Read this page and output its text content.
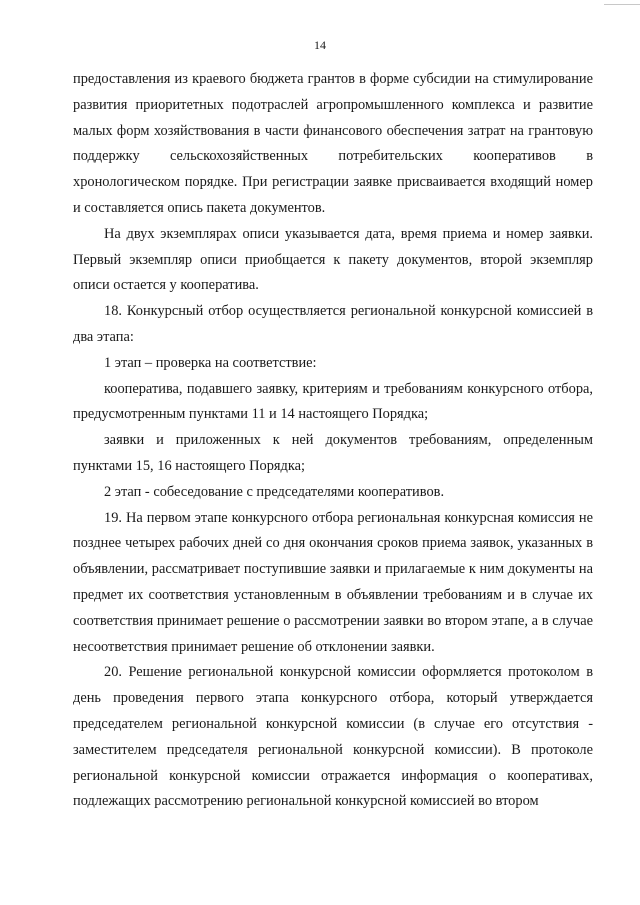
14

предоставления из краевого бюджета грантов в форме субсидии на стимулирование развития приоритетных подотраслей агропромышленного комплекса и развитие малых форм хозяйствования в части финансового обеспечения затрат на грантовую поддержку сельскохозяйственных потребительских кооперативов в хронологическом порядке. При регистрации заявке присваивается входящий номер и составляется опись пакета документов.

На двух экземплярах описи указывается дата, время приема и номер заявки. Первый экземпляр описи приобщается к пакету документов, второй экземпляр описи остается у кооператива.

18. Конкурсный отбор осуществляется региональной конкурсной комиссией в два этапа:

1 этап – проверка на соответствие:

кооператива, подавшего заявку, критериям и требованиям конкурсного отбора, предусмотренным пунктами 11 и 14 настоящего Порядка;

заявки и приложенных к ней документов требованиям, определенным пунктами 15, 16 настоящего Порядка;

2 этап - собеседование с председателями кооперативов.

19. На первом этапе конкурсного отбора региональная конкурсная комиссия не позднее четырех рабочих дней со дня окончания сроков приема заявок, указанных в объявлении, рассматривает поступившие заявки и прилагаемые к ним документы на предмет их соответствия установленным в объявлении требованиям и в случае их соответствия принимает решение о рассмотрении заявки во втором этапе, а в случае несоответствия принимает решение об отклонении заявки.

20. Решение региональной конкурсной комиссии оформляется протоколом в день проведения первого этапа конкурсного отбора, который утверждается председателем региональной конкурсной комиссии (в случае его отсутствия - заместителем председателя региональной конкурсной комиссии). В протоколе региональной конкурсной комиссии отражается информация о кооперативах, подлежащих рассмотрению региональной конкурсной комиссией во втором
